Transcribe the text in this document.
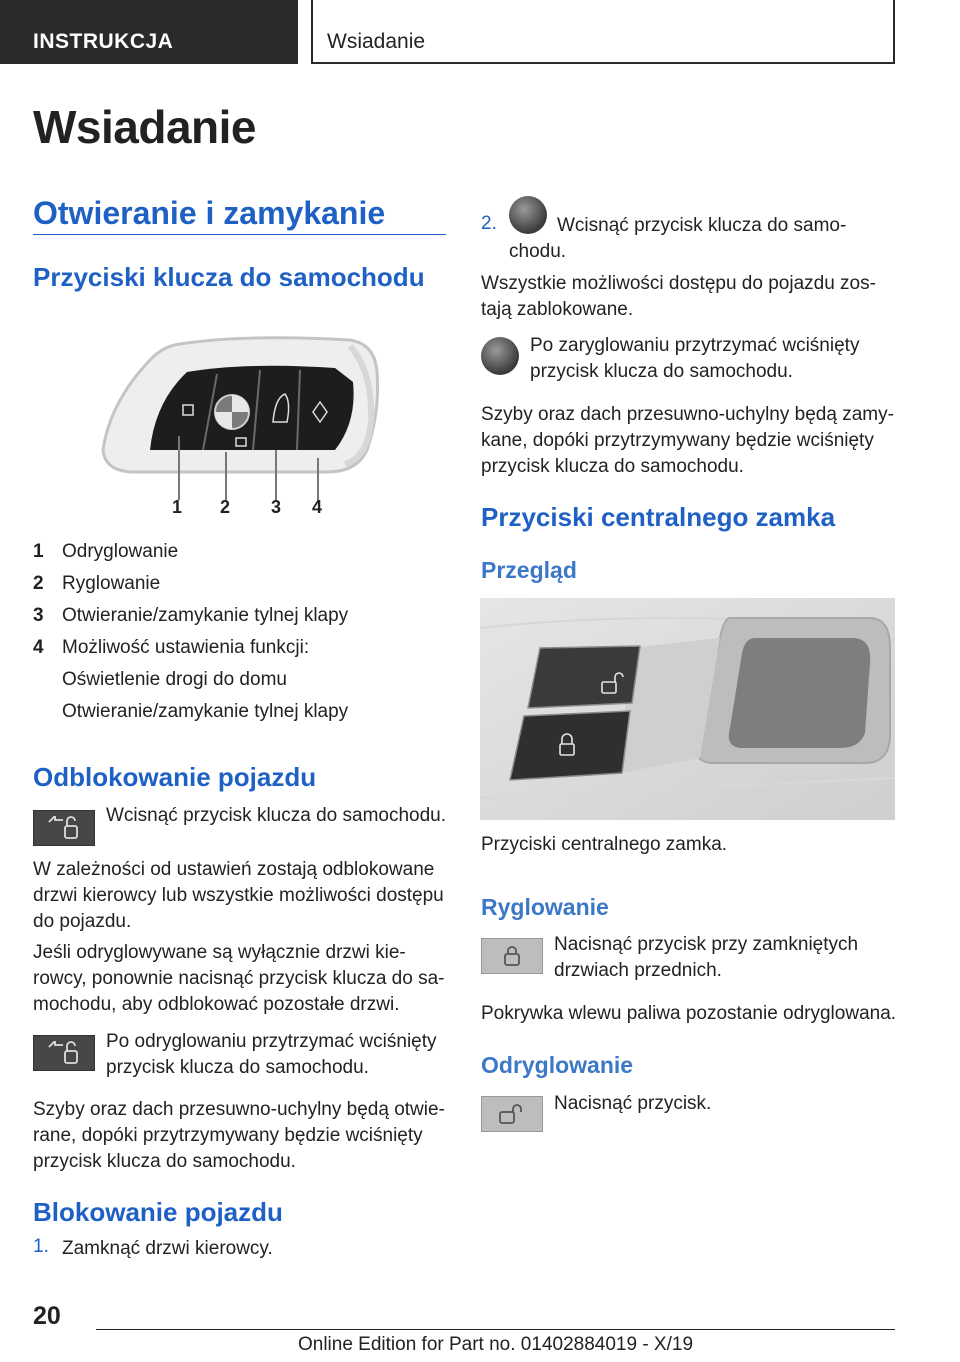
INSTRUKCJA	Wsiadanie
Wsiadanie
Otwieranie i zamykanie
Przyciski klucza do samochodu
1 2 3 4
1 Odryglowanie
2 Ryglowanie
3 Otwieranie/zamykanie tylnej klapy
4 Możliwość ustawienia funkcji:
Oświetlenie drogi do domu
Otwieranie/zamykanie tylnej klapy
Odblokowanie pojazdu

Wcisnąć przycisk klucza do samochodu.

W zależności od ustawień zostają odblokowane drzwi kierowcy lub wszystkie możliwości dostępu do pojazdu.

Jeśli odryglowywane są wyłącznie drzwi kierowcy, ponownie nacisnąć przycisk klucza do samochodu, aby odblokować pozostałe drzwi.

Po odryglowaniu przytrzymać wciśnięty przycisk klucza do samochodu.

Szyby oraz dach przesuwno-uchylny będą otwierane, dopóki przytrzymywany będzie wciśnięty przycisk klucza do samochodu.

Blokowanie pojazdu
1. Zamknąć drzwi kierowcy.
2.	Wcisnąć przycisk klucza do samochodu.

Wszystkie możliwości dostępu do pojazdu zostają zablokowane.

Po zaryglowaniu przytrzymać wciśnięty przycisk klucza do samochodu.

Szyby oraz dach przesuwno-uchylny będą zamykane, dopóki przytrzymywany będzie wciśnięty przycisk klucza do samochodu.

Przyciski centralnego zamka
Przegląd

Przyciski centralnego zamka.

Ryglowanie

Nacisnąć przycisk przy zamkniętych drzwiach przednich.

Pokrywka wlewu paliwa pozostanie odryglowana.

Odryglowanie

Nacisnąć przycisk.

20
Online Edition for Part no. 01402884019 - X/19
